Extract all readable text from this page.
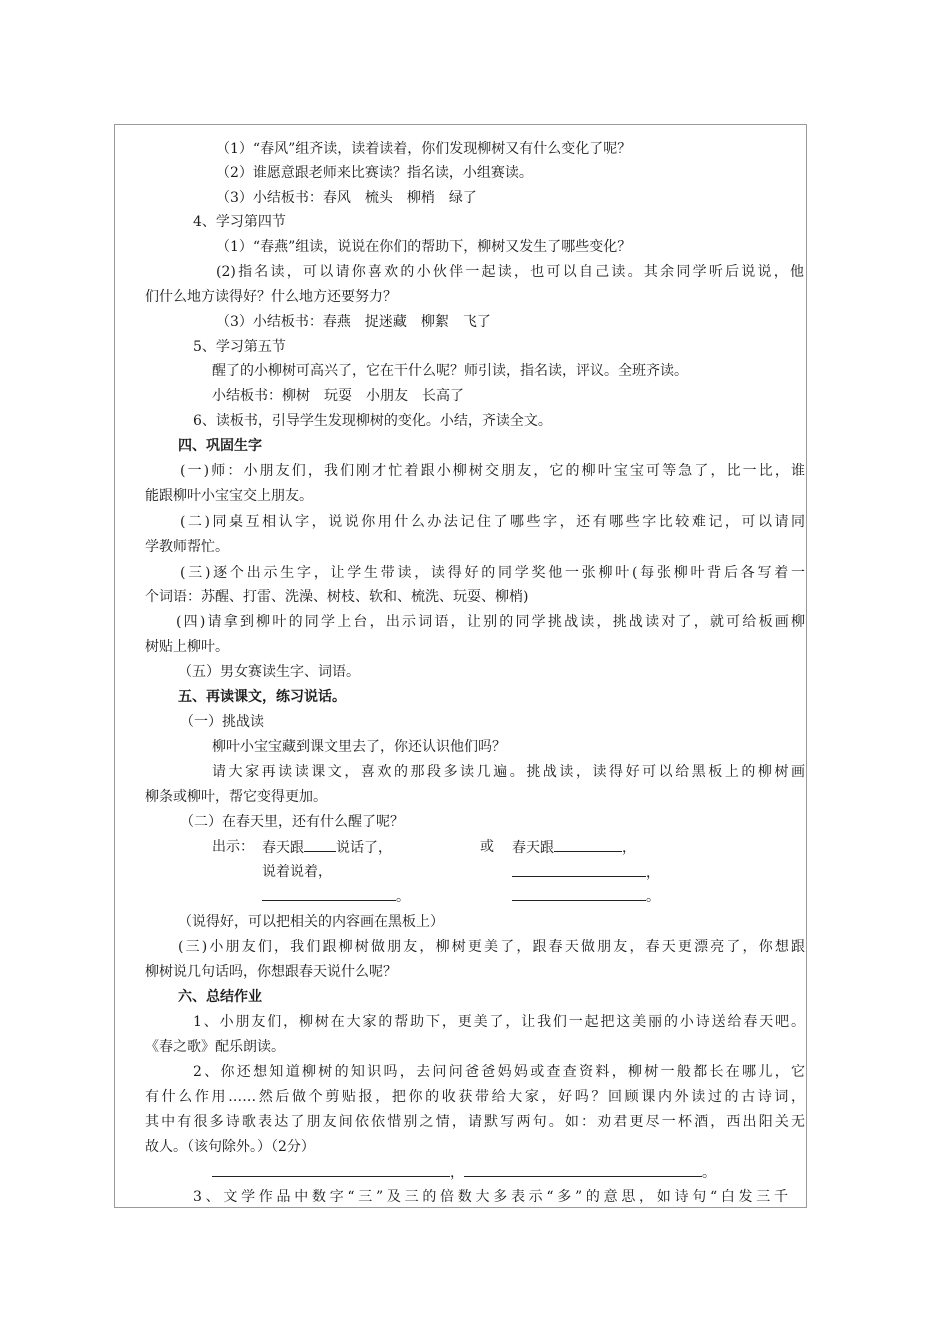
（1）“春风”组齐读，读着读着，你们发现柳树又有什么变化了呢？
（2）谁愿意跟老师来比赛读？指名读，小组赛读。
（3）小结板书：春风　梳头　柳梢　绿了
4、学习第四节
（1）“春燕”组读，说说在你们的帮助下，柳树又发生了哪些变化？
(2)指名读，可以请你喜欢的小伙伴一起读，也可以自己读。其余同学听后说说，他
们什么地方读得好？什么地方还要努力？
（3）小结板书：春燕　捉迷藏　柳絮　飞了
5、学习第五节
醒了的小柳树可高兴了，它在干什么呢？师引读，指名读，评议。全班齐读。
小结板书：柳树　玩耍　小朋友　长高了
6、读板书，引导学生发现柳树的变化。小结，齐读全文。
四、巩固生字
(一)师：小朋友们，我们刚才忙着跟小柳树交朋友，它的柳叶宝宝可等急了，比一比，谁
能跟柳叶小宝宝交上朋友。
(二)同桌互相认字，说说你用什么办法记住了哪些字，还有哪些字比较难记，可以请同
学教师帮忙。
(三)逐个出示生字，让学生带读，读得好的同学奖他一张柳叶(每张柳叶背后各写着一
个词语：苏醒、打雷、洗澡、树枝、软和、梳洗、玩耍、柳梢)
(四)请拿到柳叶的同学上台，出示词语，让别的同学挑战读，挑战读对了，就可给板画柳
树贴上柳叶。
（五）男女赛读生字、词语。
五、再读课文，练习说话。
（一）挑战读
柳叶小宝宝藏到课文里去了，你还认识他们吗？
请大家再读读课文，喜欢的那段多读几遍。挑战读，读得好可以给黑板上的柳树画
柳条或柳叶，帮它变得更加。
（二）在春天里，还有什么醒了呢？
出示： 春天跟 说话了，	或 春天跟	，
说着说着，	，
。	。
（说得好，可以把相关的内容画在黑板上）
(三)小朋友们，我们跟柳树做朋友，柳树更美了，跟春天做朋友，春天更漂亮了，你想跟
柳树说几句话吗，你想跟春天说什么呢？
六、总结作业
1、小朋友们，柳树在大家的帮助下，更美了，让我们一起把这美丽的小诗送给春天吧。
《春之歌》配乐朗读。
2、你还想知道柳树的知识吗，去问问爸爸妈妈或查查资料，柳树一般都长在哪儿，它
有什么作用……然后做个剪贴报，把你的收获带给大家，好吗？回顾课内外读过的古诗词，
其中有很多诗歌表达了朋友间依依惜别之情，请默写两句。如：劝君更尽一杯酒，西出阳关无
故人。（该句除外。）（2分）
，	。
3、文学作品中数字“三”及三的倍数大多表示“多”的意思，如诗句“白发三千
